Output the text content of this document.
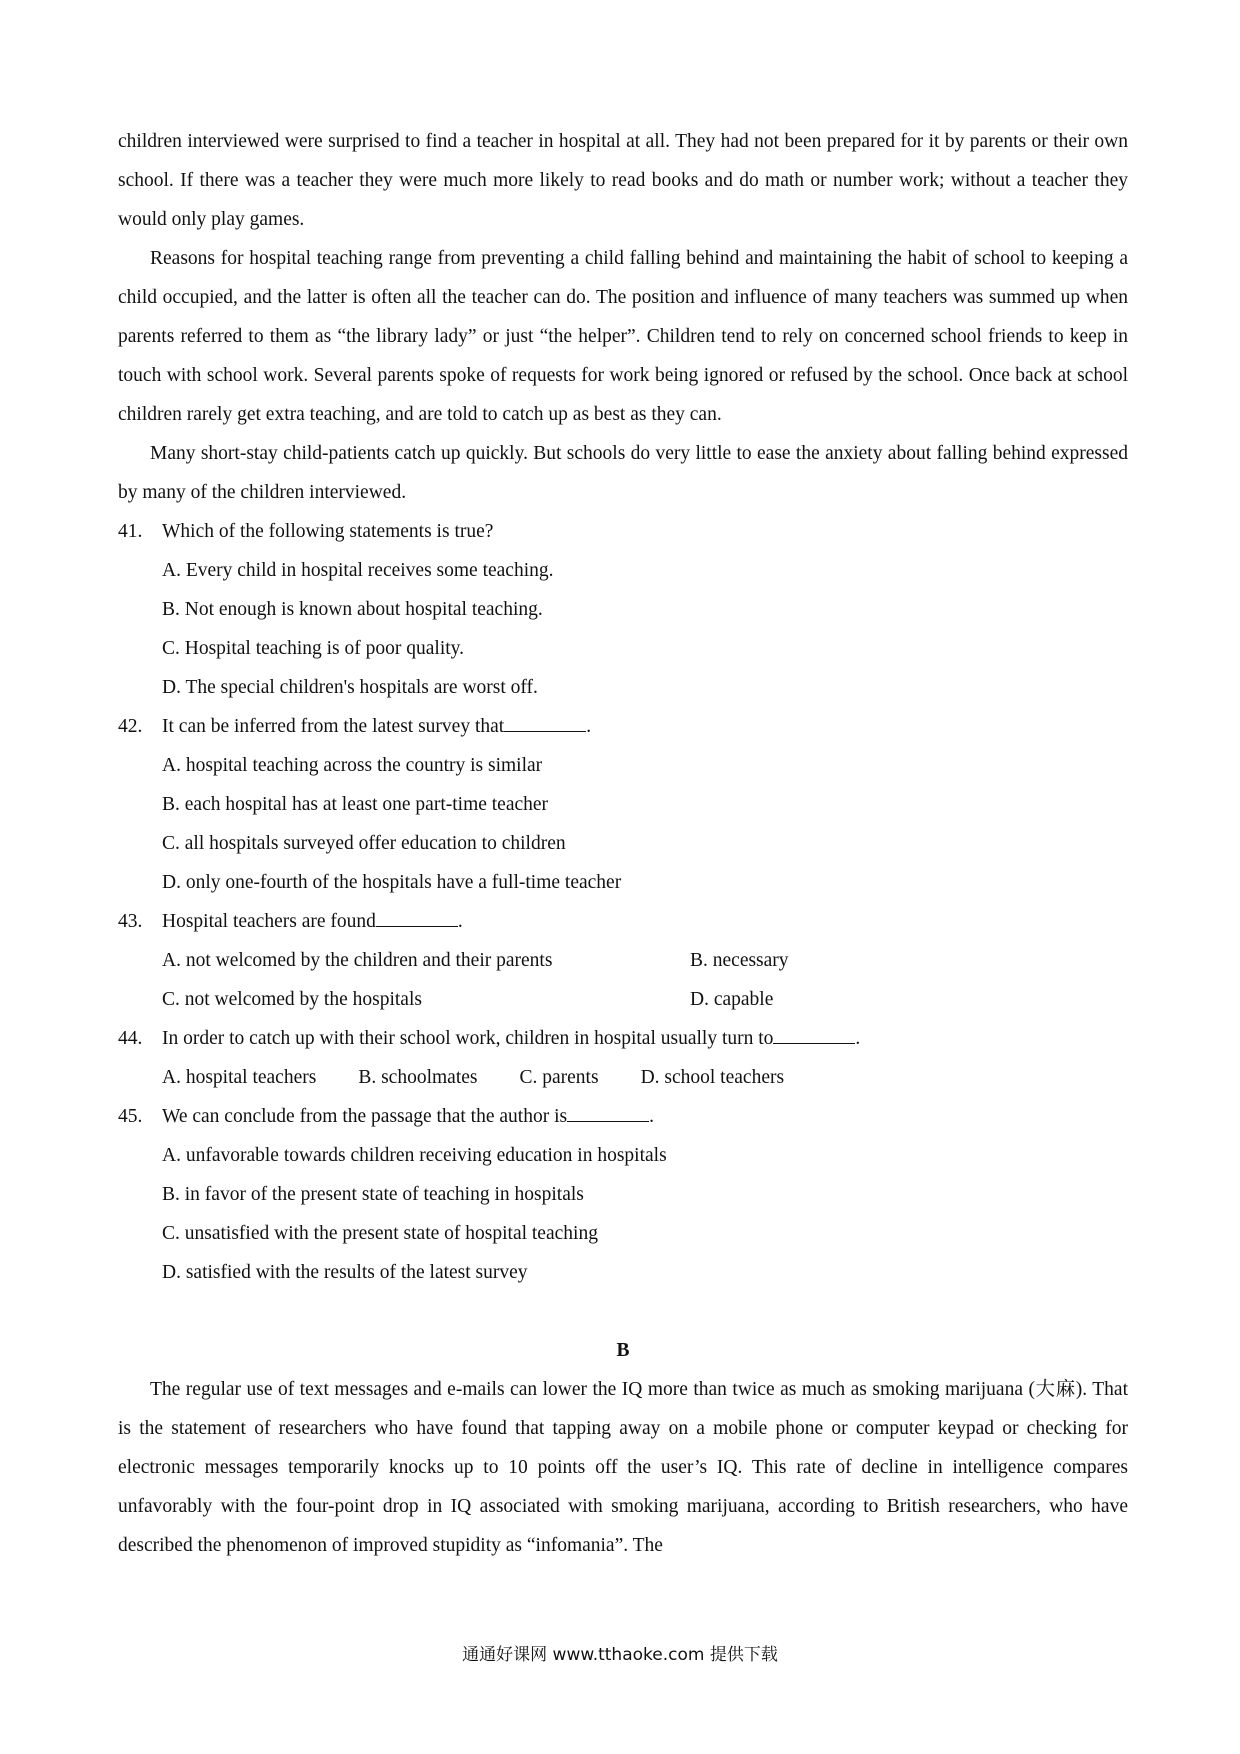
children interviewed were surprised to find a teacher in hospital at all. They had not been prepared for it by parents or their own school. If there was a teacher they were much more likely to read books and do math or number work; without a teacher they would only play games.

Reasons for hospital teaching range from preventing a child falling behind and maintaining the habit of school to keeping a child occupied, and the latter is often all the teacher can do. The position and influence of many teachers was summed up when parents referred to them as “the library lady” or just “the helper”. Children tend to rely on concerned school friends to keep in touch with school work. Several parents spoke of requests for work being ignored or refused by the school. Once back at school children rarely get extra teaching, and are told to catch up as best as they can.

Many short-stay child-patients catch up quickly. But schools do very little to ease the anxiety about falling behind expressed by many of the children interviewed.

41. Which of the following statements is true?
A. Every child in hospital receives some teaching.
B. Not enough is known about hospital teaching.
C. Hospital teaching is of poor quality.
D. The special children's hospitals are worst off.
42. It can be inferred from the latest survey that	.
A. hospital teaching across the country is similar
B. each hospital has at least one part-time teacher
C. all hospitals surveyed offer education to children
D. only one-fourth of the hospitals have a full-time teacher
43. Hospital teachers are found	.
A. not welcomed by the children and their parents	B. necessary
C. not welcomed by the hospitals	D. capable
44. In order to catch up with their school work, children in hospital usually turn to	.
A. hospital teachers B. schoolmates C. parents D. school teachers
45. We can conclude from the passage that the author is	.
A. unfavorable towards children receiving education in hospitals
B. in favor of the present state of teaching in hospitals
C. unsatisfied with the present state of hospital teaching
D. satisfied with the results of the latest survey
B

The regular use of text messages and e-mails can lower the IQ more than twice as much as smoking marijuana (大麻). That is the statement of researchers who have found that tapping away on a mobile phone or computer keypad or checking for electronic messages temporarily knocks up to 10 points off the user’s IQ. This rate of decline in intelligence compares unfavorably with the four-point drop in IQ associated with smoking marijuana, according to British researchers, who have described the phenomenon of improved stupidity as “infomania”. The

通通好课网 www.tthaoke.com 提供下载
